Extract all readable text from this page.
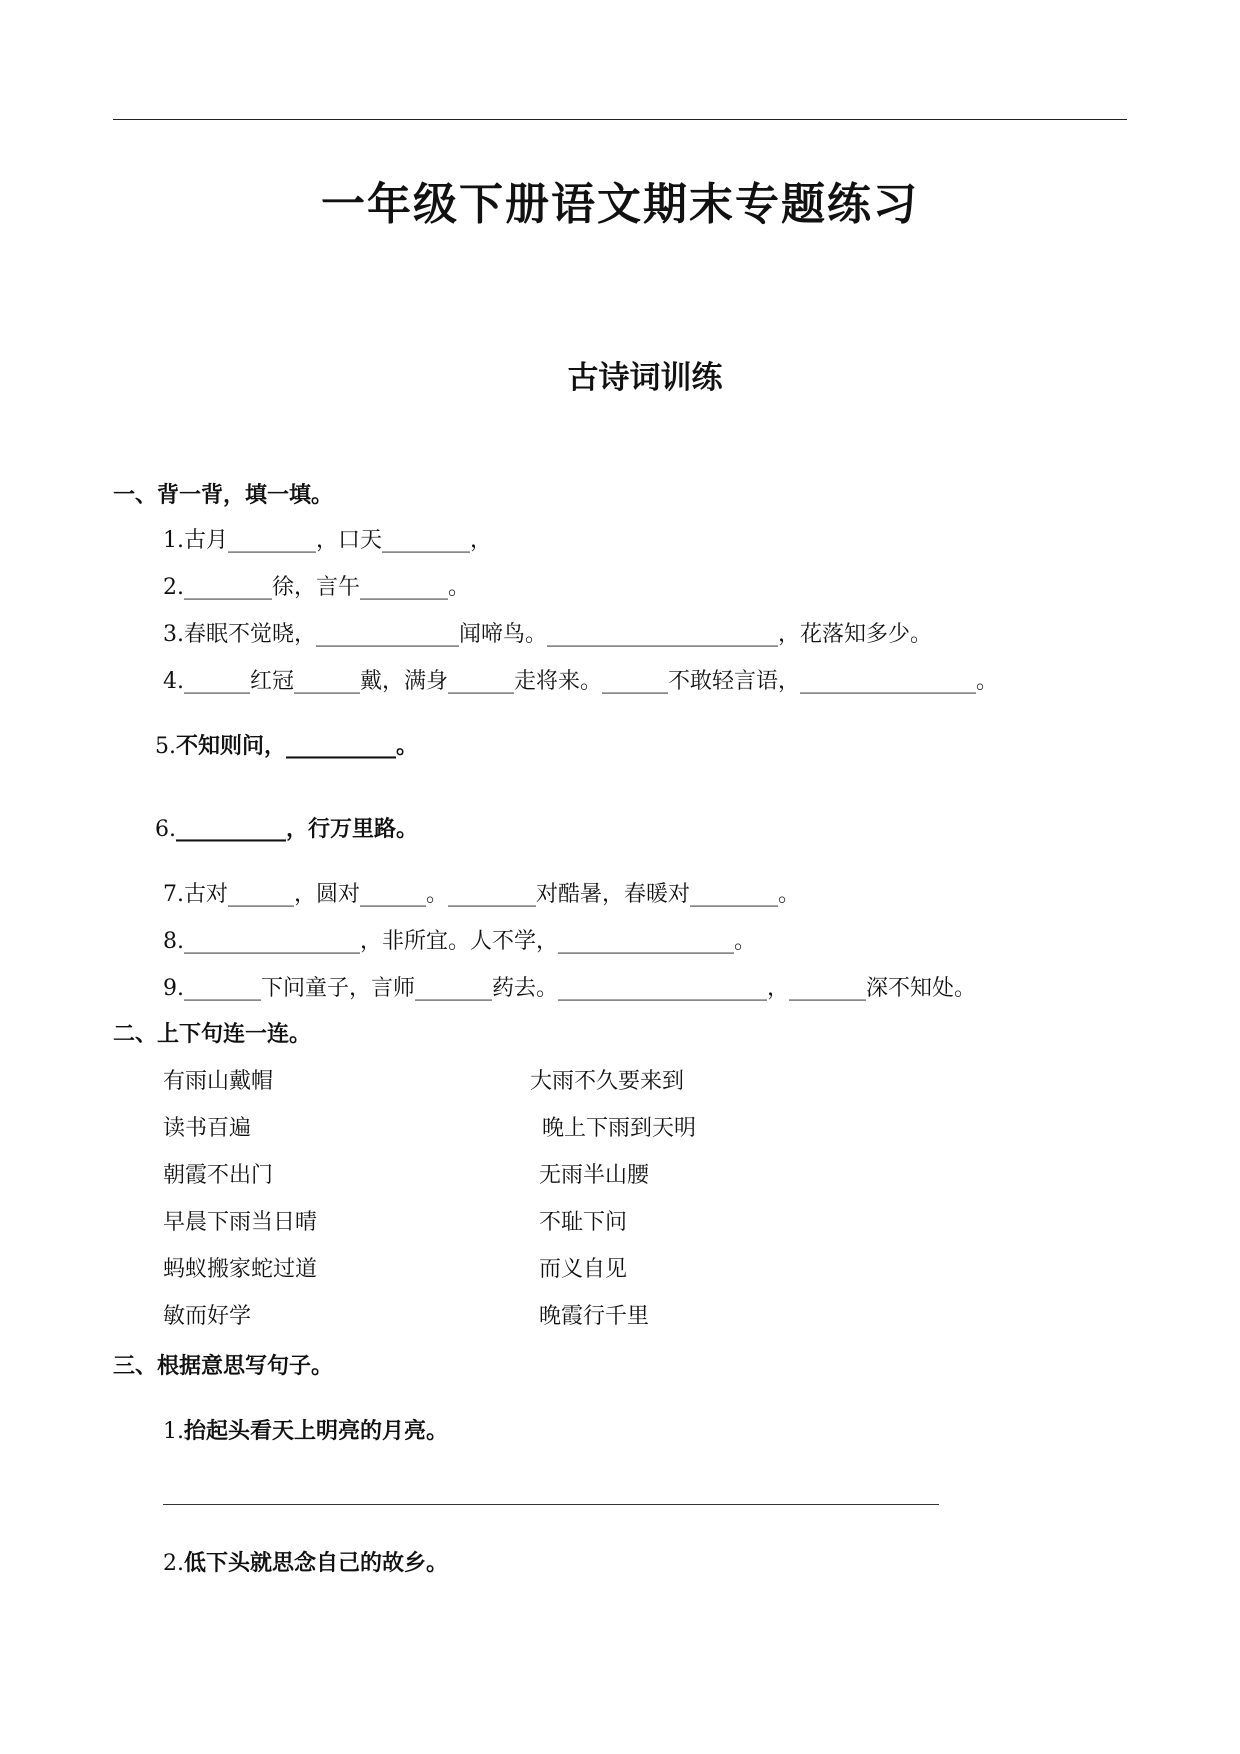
一年级下册语文期末专题练习
古诗词训练
一、背一背，填一填。
1.古月________，口天________，
2.________徐，言午________。
3.春眠不觉晓，_____________闻啼鸟。_____________________，花落知多少。
4.______红冠______戴，满身______走将来。______不敢轻言语，________________。
5.不知则问，__________。
6.__________，行万里路。
7.古对______，圆对______。________对酷暑，春暖对________。
8.________________，非所宜。人不学，________________。
9._______下问童子，言师_______药去。___________________，_______深不知处。
二、上下句连一连。
有雨山戴帽
读书百遍
朝霞不出门
早晨下雨当日晴
蚂蚁搬家蛇过道
敏而好学
大雨不久要来到
晚上下雨到天明
无雨半山腰
不耻下问
而义自见
晚霞行千里
三、根据意思写句子。
1.抬起头看天上明亮的月亮。
2.低下头就思念自己的故乡。
